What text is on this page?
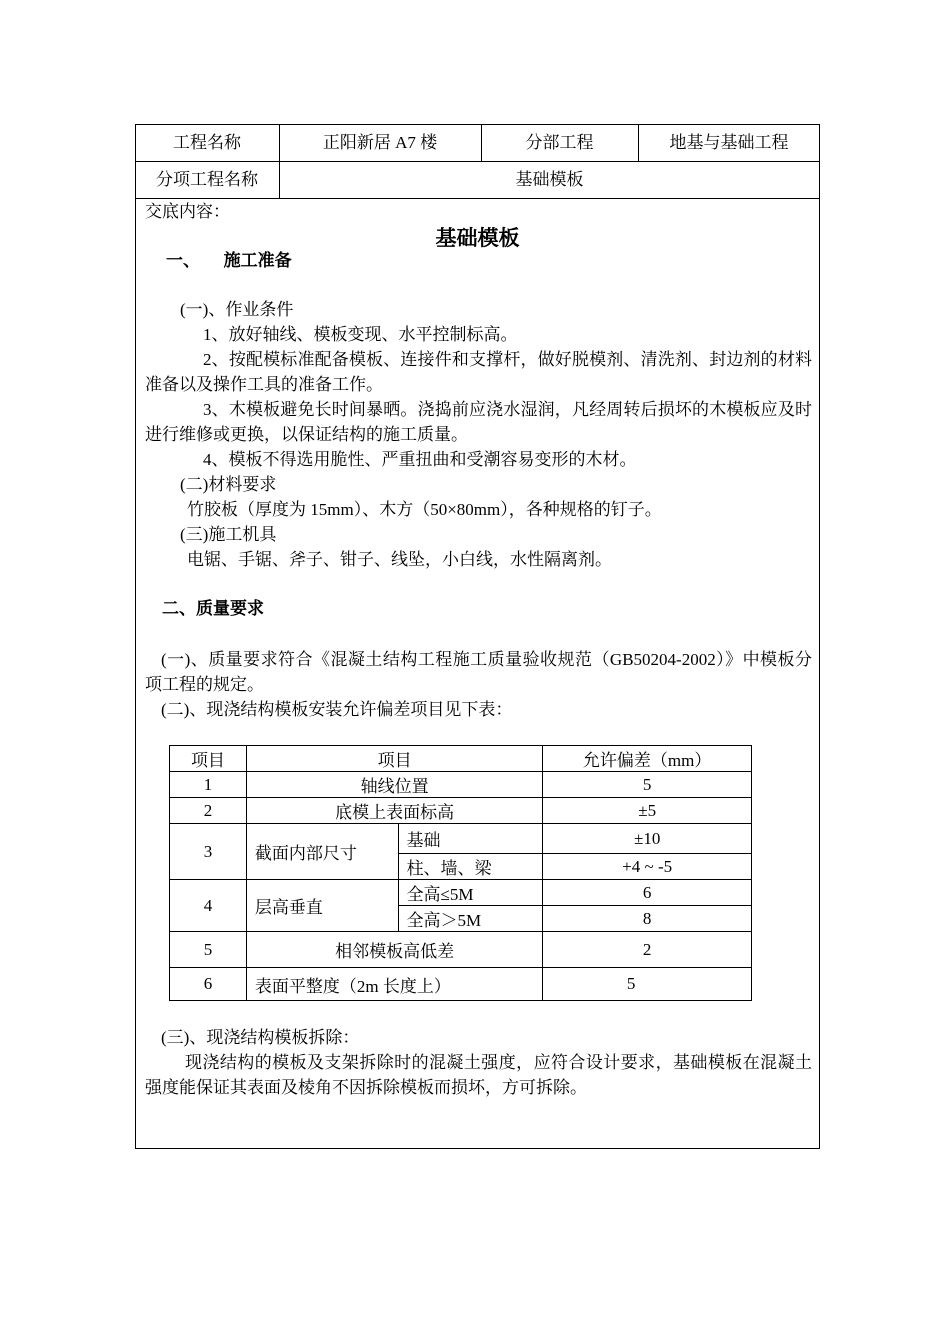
工程名称	正阳新居 A7 楼	分部工程	地基与基础工程
分项工程名称	基础模板
交底内容：
基础模板
一、    施工准备
(一)、作业条件
1、放好轴线、模板变现、水平控制标高。
2、按配模标准配备模板、连接件和支撑杆，做好脱模剂、清洗剂、封边剂的材料准备以及操作工具的准备工作。
3、木模板避免长时间暴晒。浇捣前应浇水湿润，凡经周转后损坏的木模板应及时进行维修或更换，以保证结构的施工质量。
4、模板不得选用脆性、严重扭曲和受潮容易变形的木材。
(二)材料要求
竹胶板（厚度为 15mm）、木方（50×80mm），各种规格的钉子。
(三)施工机具
电锯、手锯、斧子、钳子、线坠，小白线，水性隔离剂。
二、质量要求
(一)、质量要求符合《混凝土结构工程施工质量验收规范（GB50204-2002）》中模板分项工程的规定。
(二)、现浇结构模板安装允许偏差项目见下表：
项目	项目		允许偏差（mm）
1	轴线位置		5
2	底模上表面标高		±5
3	截面内部尺寸	基础	±10
		柱、墙、梁	+4 ~ -5
4	层高垂直	全高≤5M	6
		全高＞5M	8
5	相邻模板高低差		2
6	表面平整度（2m 长度上）		5
(三)、现浇结构模板拆除：
现浇结构的模板及支架拆除时的混凝土强度，应符合设计要求，基础模板在混凝土强度能保证其表面及棱角不因拆除模板而损坏，方可拆除。
